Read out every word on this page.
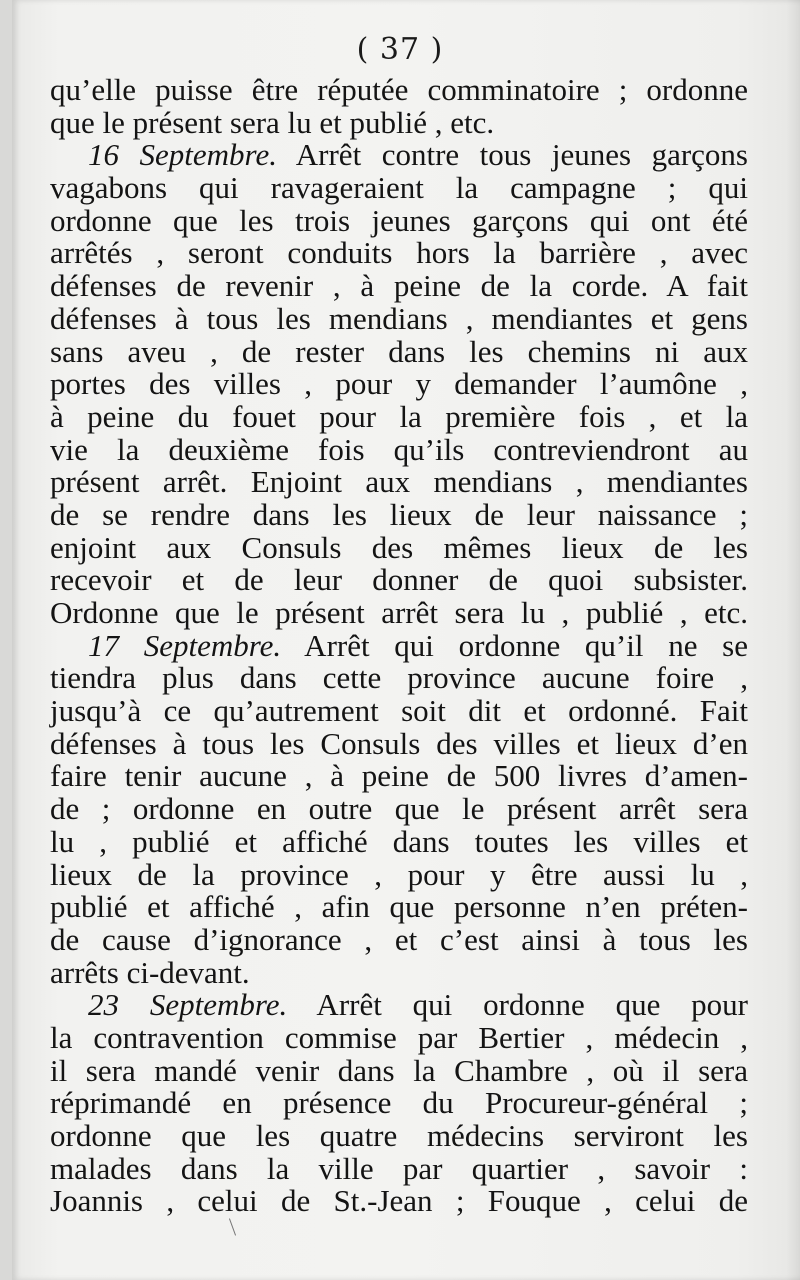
( 37 )
qu’elle puisse être réputée comminatoire ; ordonne
que le présent sera lu et publié , etc.
16 Septembre. Arrêt contre tous jeunes garçons
vagabons qui ravageraient la campagne ; qui
ordonne que les trois jeunes garçons qui ont été
arrêtés , seront conduits hors la barrière , avec
défenses de revenir , à peine de la corde. A fait
défenses à tous les mendians , mendiantes et gens
sans aveu , de rester dans les chemins ni aux
portes des villes , pour y demander l’aumône ,
à peine du fouet pour la première fois , et la
vie la deuxième fois qu’ils contreviendront au
présent arrêt. Enjoint aux mendians , mendiantes
de se rendre dans les lieux de leur naissance ;
enjoint aux Consuls des mêmes lieux de les
recevoir et de leur donner de quoi subsister.
Ordonne que le présent arrêt sera lu , publié , etc.
17 Septembre. Arrêt qui ordonne qu’il ne se
tiendra plus dans cette province aucune foire ,
jusqu’à ce qu’autrement soit dit et ordonné. Fait
défenses à tous les Consuls des villes et lieux d’en
faire tenir aucune , à peine de 500 livres d’amen-
de ; ordonne en outre que le présent arrêt sera
lu , publié et affiché dans toutes les villes et
lieux de la province , pour y être aussi lu ,
publié et affiché , afin que personne n’en préten-
de cause d’ignorance , et c’est ainsi à tous les
arrêts ci-devant.
23 Septembre. Arrêt qui ordonne que pour
la contravention commise par Bertier , médecin ,
il sera mandé venir dans la Chambre , où il sera
réprimandé en présence du Procureur-général ;
ordonne que les quatre médecins serviront les
malades dans la ville par quartier , savoir :
Joannis , celui de St.-Jean ; Fouque , celui de
